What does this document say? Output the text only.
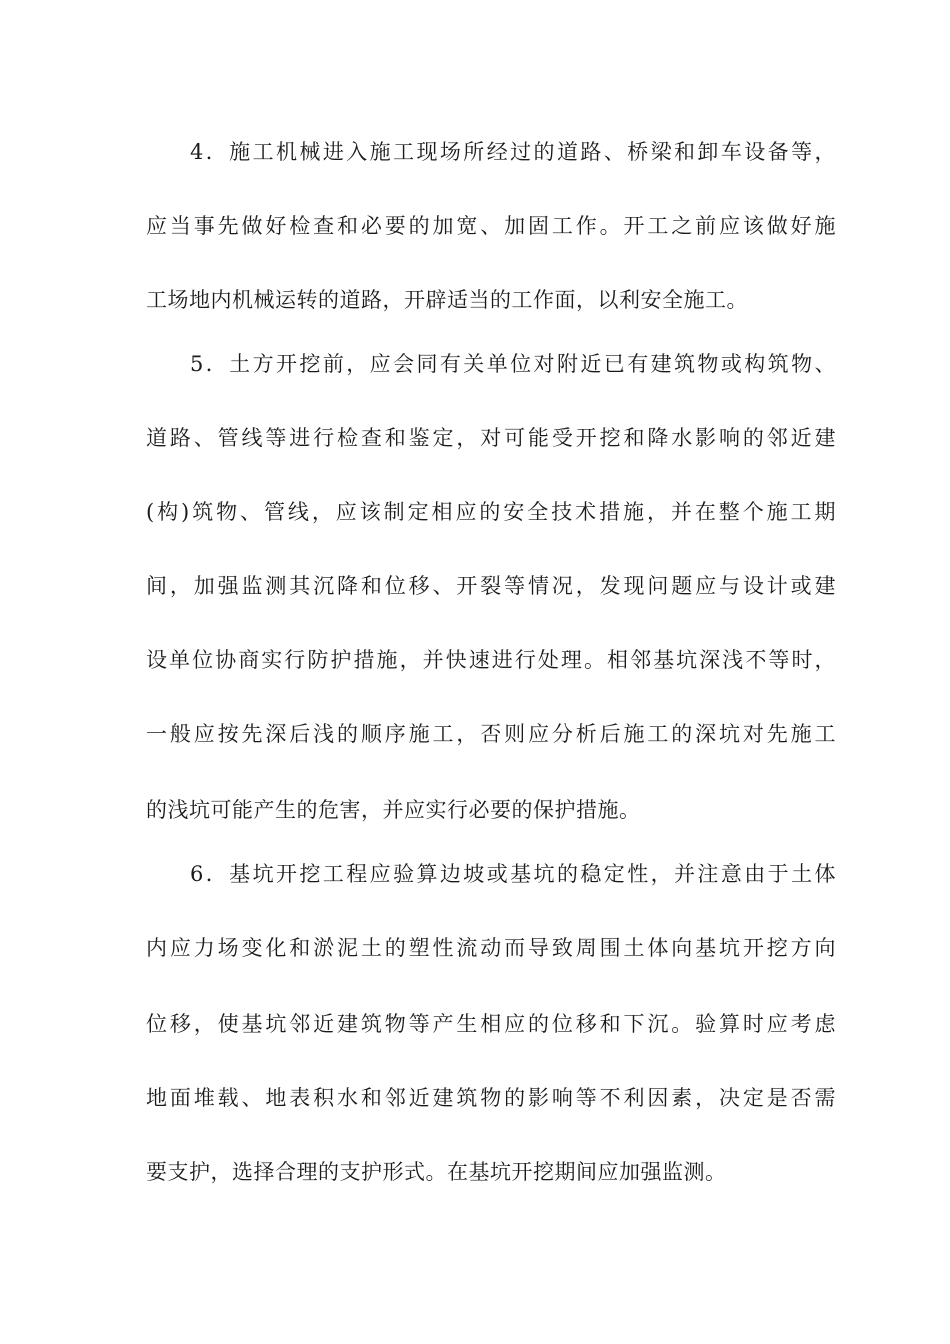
4．施工机械进入施工现场所经过的道路、桥梁和卸车设备等，
应当事先做好检查和必要的加宽、加固工作。开工之前应该做好施
工场地内机械运转的道路，开辟适当的工作面，以利安全施工。
5．土方开挖前，应会同有关单位对附近已有建筑物或构筑物、
道路、管线等进行检查和鉴定，对可能受开挖和降水影响的邻近建
(构)筑物、管线，应该制定相应的安全技术措施，并在整个施工期
间，加强监测其沉降和位移、开裂等情况，发现问题应与设计或建
设单位协商实行防护措施，并快速进行处理。相邻基坑深浅不等时，
一般应按先深后浅的顺序施工，否则应分析后施工的深坑对先施工
的浅坑可能产生的危害，并应实行必要的保护措施。
6．基坑开挖工程应验算边坡或基坑的稳定性，并注意由于土体
内应力场变化和淤泥土的塑性流动而导致周围土体向基坑开挖方向
位移，使基坑邻近建筑物等产生相应的位移和下沉。验算时应考虑
地面堆载、地表积水和邻近建筑物的影响等不利因素，决定是否需
要支护，选择合理的支护形式。在基坑开挖期间应加强监测。
